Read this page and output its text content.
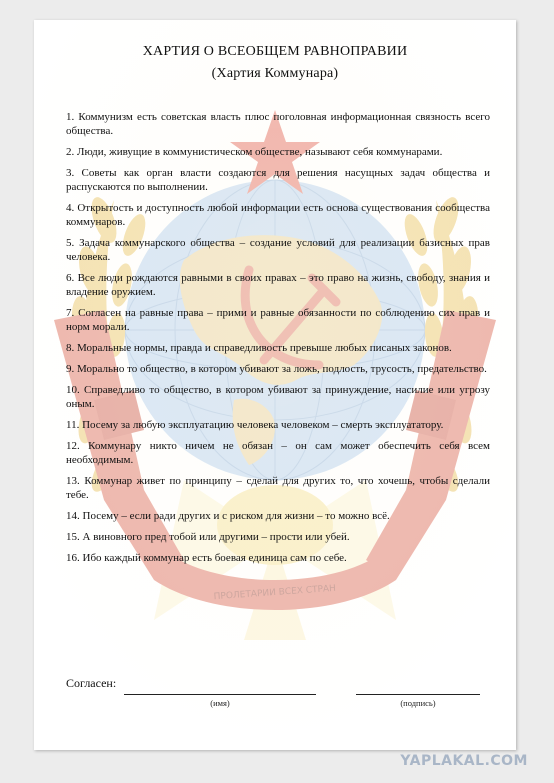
ПРОЛЕТАРИИ ВСЕХ СТРАН
ХАРТИЯ О ВСЕОБЩЕМ РАВНОПРАВИИ
(Хартия Коммунара)
1. Коммунизм есть советская власть плюс поголовная информационная связность всего общества.
2. Люди, живущие в коммунистическом обществе, называют себя коммунарами.
3. Советы как орган власти создаются для решения насущных задач общества и распускаются по выполнении.
4. Открытость и доступность любой информации есть основа существования сообщества коммунаров.
5. Задача коммунарского общества – создание условий для реализации базисных прав человека.
6. Все люди рождаются равными в своих правах – это право на жизнь, свободу, знания и владение оружием.
7. Согласен на равные права – прими и равные обязанности по соблюдению сих прав и норм морали.
8. Моральные нормы, правда и справедливость превыше любых писаных законов.
9. Морально то общество, в котором убивают за ложь, подлость, трусость, предательство.
10. Справедливо то общество, в котором убивают за принуждение, насилие или угрозу оным.
11. Посему за любую эксплуатацию человека человеком – смерть эксплуататору.
12. Коммунару никто ничем не обязан – он сам может обеспечить себя всем необходимым.
13. Коммунар живет по принципу – сделай для других то, что хочешь, чтобы сделали тебе.
14. Посему – если ради других и с риском для жизни – то можно всё.
15. А виновного пред тобой или другими – прости или убей.
16. Ибо каждый коммунар есть боевая единица сам по себе.
Согласен:
(имя)	(подпись)
YAPLAKAL.COM
